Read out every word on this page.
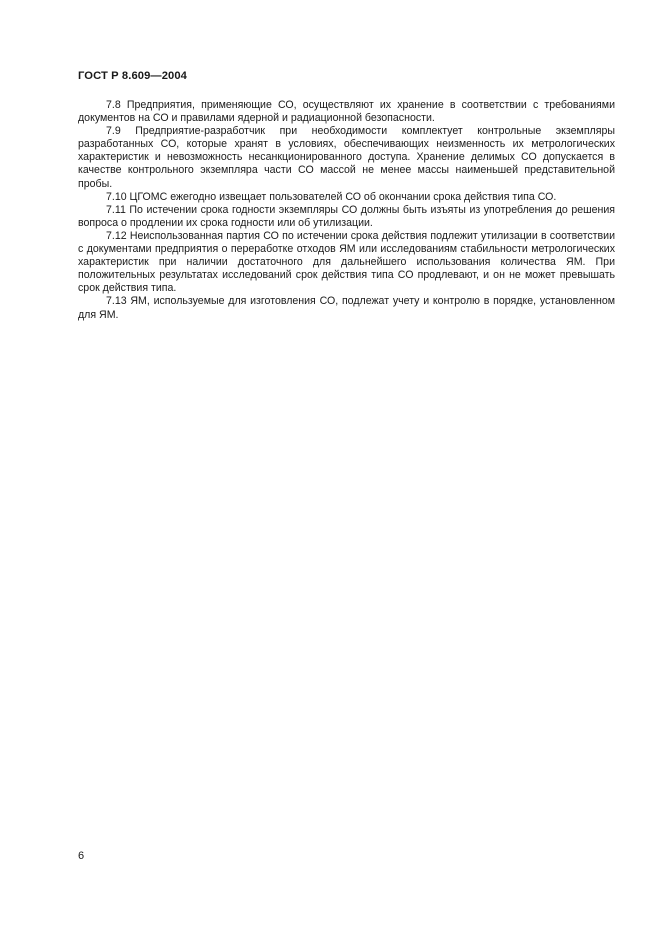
ГОСТ Р 8.609—2004

7.8 Предприятия, применяющие СО, осуществляют их хранение в соответствии с требованиями документов на СО и правилами ядерной и радиационной безопасности.

7.9 Предприятие-разработчик при необходимости комплектует контрольные экземпляры разработанных СО, которые хранят в условиях, обеспечивающих неизменность их метрологических характеристик и невозможность несанкционированного доступа. Хранение делимых СО допускается в качестве контрольного экземпляра части СО массой не менее массы наименьшей представительной пробы.

7.10 ЦГОМС ежегодно извещает пользователей СО об окончании срока действия типа СО.

7.11 По истечении срока годности экземпляры СО должны быть изъяты из употребления до решения вопроса о продлении их срока годности или об утилизации.

7.12 Неиспользованная партия СО по истечении срока действия подлежит утилизации в соответствии с документами предприятия о переработке отходов ЯМ или исследованиям стабильности метрологических характеристик при наличии достаточного для дальнейшего использования количества ЯМ. При положительных результатах исследований срок действия типа СО продлевают, и он не может превышать срок действия типа.

7.13 ЯМ, используемые для изготовления СО, подлежат учету и контролю в порядке, установленном для ЯМ.

6
